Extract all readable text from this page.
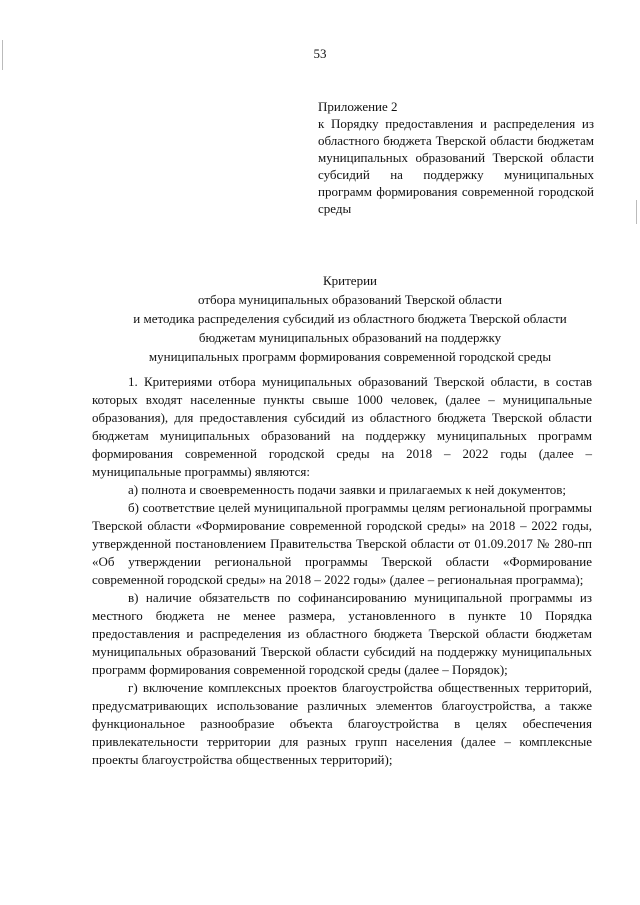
53
Приложение 2
к Порядку предоставления и распределения из областного бюджета Тверской области бюджетам муниципальных образований Тверской области субсидий на поддержку муниципальных программ формирования современной городской среды
Критерии
отбора муниципальных образований Тверской области
и методика распределения субсидий из областного бюджета Тверской области
бюджетам муниципальных образований на поддержку
муниципальных программ формирования современной городской среды

1. Критериями отбора муниципальных образований Тверской области, в состав которых входят населенные пункты свыше 1000 человек, (далее – муниципальные образования), для предоставления субсидий из областного бюджета Тверской области бюджетам муниципальных образований на поддержку муниципальных программ формирования современной городской среды на 2018 – 2022 годы (далее – муниципальные программы) являются:

а) полнота и своевременность подачи заявки и прилагаемых к ней документов;

б) соответствие целей муниципальной программы целям региональной программы Тверской области «Формирование современной городской среды» на 2018 – 2022 годы, утвержденной постановлением Правительства Тверской области от 01.09.2017 № 280-пп «Об утверждении региональной программы Тверской области «Формирование современной городской среды» на 2018 – 2022 годы» (далее – региональная программа);

в) наличие обязательств по софинансированию муниципальной программы из местного бюджета не менее размера, установленного в пункте 10 Порядка предоставления и распределения из областного бюджета Тверской области бюджетам муниципальных образований Тверской области субсидий на поддержку муниципальных программ формирования современной городской среды (далее – Порядок);

г) включение комплексных проектов благоустройства общественных территорий, предусматривающих использование различных элементов благоустройства, а также функциональное разнообразие объекта благоустройства в целях обеспечения привлекательности территории для разных групп населения (далее – комплексные проекты благоустройства общественных территорий);
